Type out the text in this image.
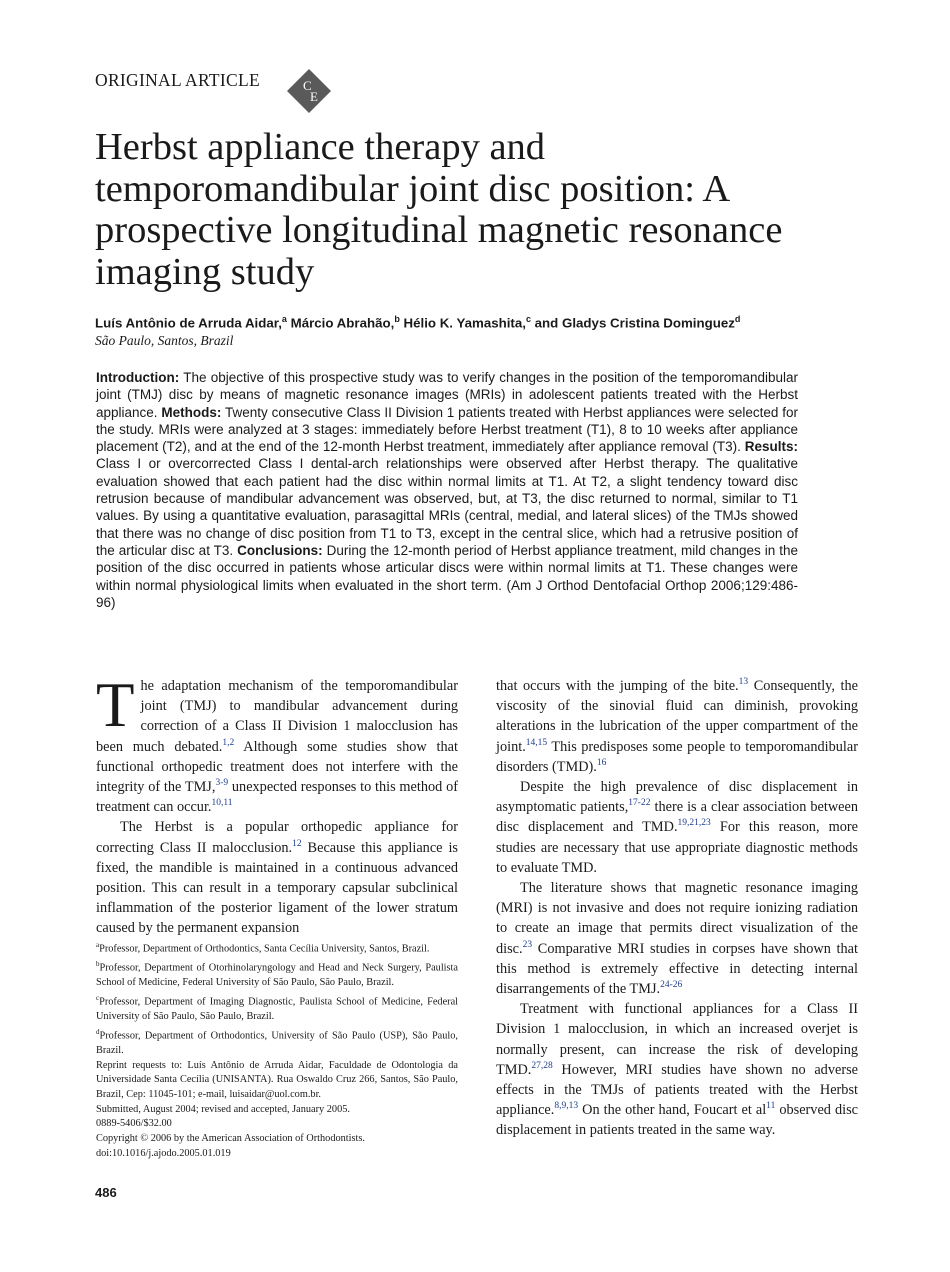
ORIGINAL ARTICLE	C
E
Herbst appliance therapy and temporomandibular joint disc position: A prospective longitudinal magnetic resonance imaging study
Luís Antônio de Arruda Aidar,$^a$ Márcio Abrahão,$^b$ Hélio K. Yamashita,$^c$ and Gladys Cristina Dominguez$^d$
São Paulo, Santos, Brazil

Introduction: The objective of this prospective study was to verify changes in the position of the temporomandibular joint (TMJ) disc by means of magnetic resonance images (MRIs) in adolescent patients treated with the Herbst appliance. Methods: Twenty consecutive Class II Division 1 patients treated with Herbst appliances were selected for the study. MRIs were analyzed at 3 stages: immediately before Herbst treatment (T1), 8 to 10 weeks after appliance placement (T2), and at the end of the 12-month Herbst treatment, immediately after appliance removal (T3). Results: Class I or overcorrected Class I dental-arch relationships were observed after Herbst therapy. The qualitative evaluation showed that each patient had the disc within normal limits at T1. At T2, a slight tendency toward disc retrusion because of mandibular advancement was observed, but, at T3, the disc returned to normal, similar to T1 values. By using a quantitative evaluation, parasagittal MRIs (central, medial, and lateral slices) of the TMJs showed that there was no change of disc position from T1 to T3, except in the central slice, which had a retrusive position of the articular disc at T3. Conclusions: During the 12-month period of Herbst appliance treatment, mild changes in the position of the disc occurred in patients whose articular discs were within normal limits at T1. These changes were within normal physiological limits when evaluated in the short term. (Am J Orthod Dentofacial Orthop 2006;129:486-96)

The adaptation mechanism of the temporomandibular joint (TMJ) to mandibular advancement during correction of a Class II Division 1 malocclusion has been much debated.$^{1,2}$ Although some studies show that functional orthopedic treatment does not interfere with the integrity of the TMJ,$^{3-9}$ unexpected responses to this method of treatment can occur.$^{10,11}$

The Herbst is a popular orthopedic appliance for correcting Class II malocclusion.$^{12}$ Because this appliance is fixed, the mandible is maintained in a continuous advanced position. This can result in a temporary capsular subclinical inflammation of the posterior ligament of the lower stratum caused by the permanent expansion

$^a$Professor, Department of Orthodontics, Santa Cecília University, Santos, Brazil.

$^b$Professor, Department of Otorhinolaryngology and Head and Neck Surgery, Paulista School of Medicine, Federal University of São Paulo, São Paulo, Brazil.

$^c$Professor, Department of Imaging Diagnostic, Paulista School of Medicine, Federal University of São Paulo, São Paulo, Brazil.

$^d$Professor, Department of Orthodontics, University of São Paulo (USP), São Paulo, Brazil.

Reprint requests to: Luís Antônio de Arruda Aidar, Faculdade de Odontologia da Universidade Santa Cecília (UNISANTA). Rua Oswaldo Cruz 266, Santos, São Paulo, Brazil, Cep: 11045-101; e-mail, luisaidar@uol.com.br.

Submitted, August 2004; revised and accepted, January 2005.

0889-5406/$32.00

Copyright © 2006 by the American Association of Orthodontists.

doi:10.1016/j.ajodo.2005.01.019

that occurs with the jumping of the bite.$^{13}$ Consequently, the viscosity of the sinovial fluid can diminish, provoking alterations in the lubrication of the upper compartment of the joint.$^{14,15}$ This predisposes some people to temporomandibular disorders (TMD).$^{16}$

Despite the high prevalence of disc displacement in asymptomatic patients,$^{17-22}$ there is a clear association between disc displacement and TMD.$^{19,21,23}$ For this reason, more studies are necessary that use appropriate diagnostic methods to evaluate TMD.

The literature shows that magnetic resonance imaging (MRI) is not invasive and does not require ionizing radiation to create an image that permits direct visualization of the disc.$^{23}$ Comparative MRI studies in corpses have shown that this method is extremely effective in detecting internal disarrangements of the TMJ.$^{24-26}$

Treatment with functional appliances for a Class II Division 1 malocclusion, in which an increased overjet is normally present, can increase the risk of developing TMD.$^{27,28}$ However, MRI studies have shown no adverse effects in the TMJs of patients treated with the Herbst appliance.$^{8,9,13}$ On the other hand, Foucart et al$^{11}$ observed disc displacement in patients treated in the same way.

486
